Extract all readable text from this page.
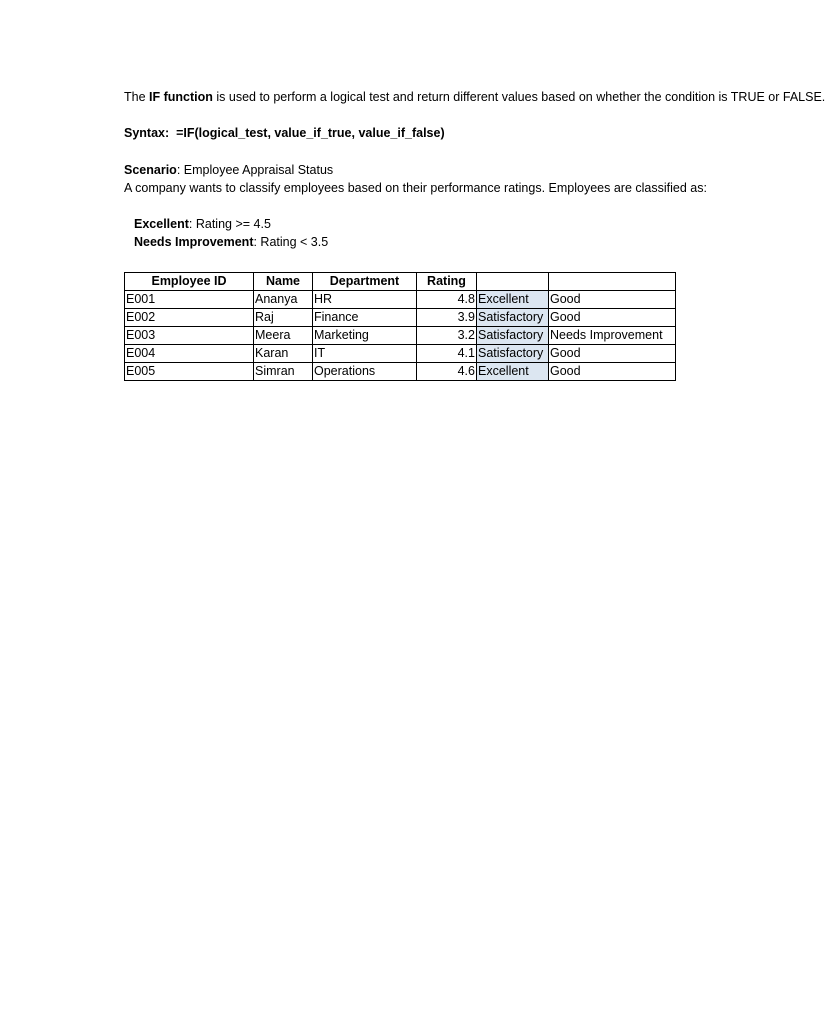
The IF function is used to perform a logical test and return different values based on whether the condition is TRUE or FALSE.
Syntax:  =IF(logical_test, value_if_true, value_if_false)
Scenario: Employee Appraisal Status
A company wants to classify employees based on their performance ratings. Employees are classified as:
Excellent: Rating >= 4.5
Needs Improvement: Rating < 3.5
Employee ID	Name	Department	Rating		
E001	Ananya	HR	4.8	Excellent	Good
E002	Raj	Finance	3.9	Satisfactory	Good
E003	Meera	Marketing	3.2	Satisfactory	Needs Improvement
E004	Karan	IT	4.1	Satisfactory	Good
E005	Simran	Operations	4.6	Excellent	Good
